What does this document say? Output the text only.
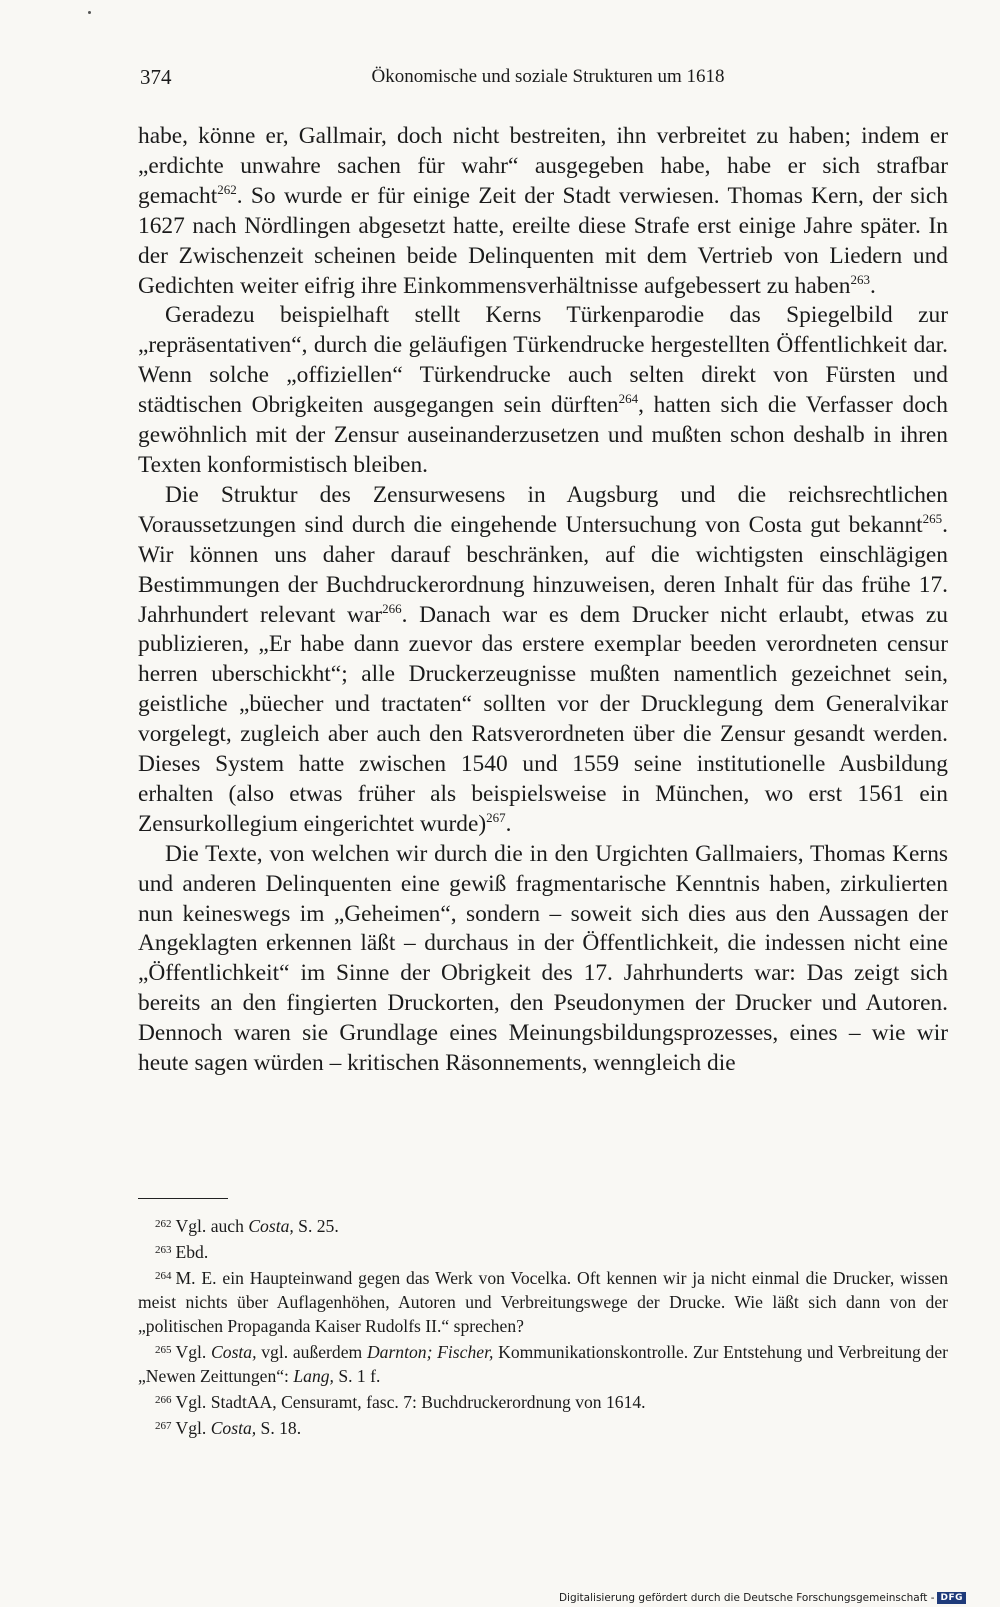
374	Ökonomische und soziale Strukturen um 1618

habe, könne er, Gallmair, doch nicht bestreiten, ihn verbreitet zu haben; indem er „erdichte unwahre sachen für wahr“ ausgegeben habe, habe er sich strafbar gemacht$^{262}$. So wurde er für einige Zeit der Stadt verwiesen. Thomas Kern, der sich 1627 nach Nördlingen abgesetzt hatte, ereilte diese Strafe erst einige Jahre später. In der Zwischenzeit scheinen beide Delinquenten mit dem Vertrieb von Liedern und Gedichten weiter eifrig ihre Einkommensverhältnisse aufgebessert zu haben$^{263}$.

Geradezu beispielhaft stellt Kerns Türkenparodie das Spiegelbild zur „repräsentativen“, durch die geläufigen Türkendrucke hergestellten Öffentlichkeit dar. Wenn solche „offiziellen“ Türkendrucke auch selten direkt von Fürsten und städtischen Obrigkeiten ausgegangen sein dürften$^{264}$, hatten sich die Verfasser doch gewöhnlich mit der Zensur auseinanderzusetzen und mußten schon deshalb in ihren Texten konformistisch bleiben.

Die Struktur des Zensurwesens in Augsburg und die reichsrechtlichen Voraussetzungen sind durch die eingehende Untersuchung von Costa gut bekannt$^{265}$. Wir können uns daher darauf beschränken, auf die wichtigsten einschlägigen Bestimmungen der Buchdruckerordnung hinzuweisen, deren Inhalt für das frühe 17. Jahrhundert relevant war$^{266}$. Danach war es dem Drucker nicht erlaubt, etwas zu publizieren, „Er habe dann zuevor das erstere exemplar beeden verordneten censur herren uberschickht“; alle Druckerzeugnisse mußten namentlich gezeichnet sein, geistliche „büecher und tractaten“ sollten vor der Drucklegung dem Generalvikar vorgelegt, zugleich aber auch den Ratsverordneten über die Zensur gesandt werden. Dieses System hatte zwischen 1540 und 1559 seine institutionelle Ausbildung erhalten (also etwas früher als beispielsweise in München, wo erst 1561 ein Zensurkollegium eingerichtet wurde)$^{267}$.

Die Texte, von welchen wir durch die in den Urgichten Gallmaiers, Thomas Kerns und anderen Delinquenten eine gewiß fragmentarische Kenntnis haben, zirkulierten nun keineswegs im „Geheimen“, sondern – soweit sich dies aus den Aussagen der Angeklagten erkennen läßt – durchaus in der Öffentlichkeit, die indessen nicht eine „Öffentlichkeit“ im Sinne der Obrigkeit des 17. Jahrhunderts war: Das zeigt sich bereits an den fingierten Druckorten, den Pseudonymen der Drucker und Autoren. Dennoch waren sie Grundlage eines Meinungsbildungsprozesses, eines – wie wir heute sagen würden – kritischen Räsonnements, wenngleich die

$^{262}$ Vgl. auch Costa, S. 25.

$^{263}$ Ebd.

$^{264}$ M. E. ein Haupteinwand gegen das Werk von Vocelka. Oft kennen wir ja nicht einmal die Drucker, wissen meist nichts über Auflagenhöhen, Autoren und Verbreitungswege der Drucke. Wie läßt sich dann von der „politischen Propaganda Kaiser Rudolfs II.“ sprechen?

$^{265}$ Vgl. Costa, vgl. außerdem Darnton; Fischer, Kommunikationskontrolle. Zur Entstehung und Verbreitung der „Newen Zeittungen“: Lang, S. 1 f.

$^{266}$ Vgl. StadtAA, Censuramt, fasc. 7: Buchdruckerordnung von 1614.

$^{267}$ Vgl. Costa, S. 18.

Digitalisierung gefördert durch die Deutsche Forschungsgemeinschaft - DFG
